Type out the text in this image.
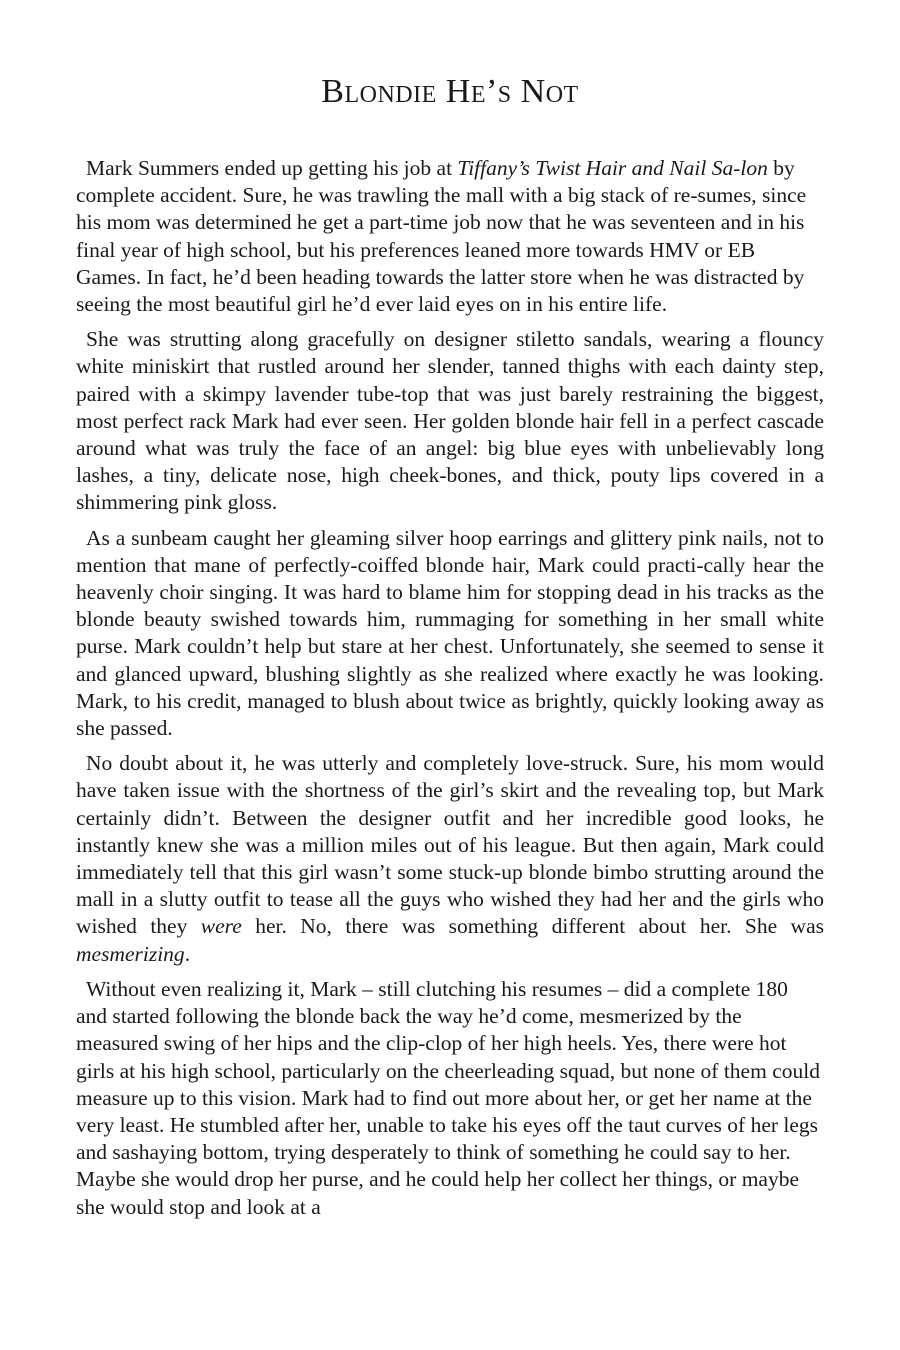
Blondie He’s Not

Mark Summers ended up getting his job at Tiffany’s Twist Hair and Nail Sa-lon by complete accident. Sure, he was trawling the mall with a big stack of re-sumes, since his mom was determined he get a part-time job now that he was seventeen and in his final year of high school, but his preferences leaned more towards HMV or EB Games. In fact, he’d been heading towards the latter store when he was distracted by seeing the most beautiful girl he’d ever laid eyes on in his entire life.

She was strutting along gracefully on designer stiletto sandals, wearing a flouncy white miniskirt that rustled around her slender, tanned thighs with each dainty step, paired with a skimpy lavender tube-top that was just barely restraining the biggest, most perfect rack Mark had ever seen. Her golden blonde hair fell in a perfect cascade around what was truly the face of an angel: big blue eyes with unbelievably long lashes, a tiny, delicate nose, high cheek-bones, and thick, pouty lips covered in a shimmering pink gloss.

As a sunbeam caught her gleaming silver hoop earrings and glittery pink nails, not to mention that mane of perfectly-coiffed blonde hair, Mark could practi-cally hear the heavenly choir singing. It was hard to blame him for stopping dead in his tracks as the blonde beauty swished towards him, rummaging for something in her small white purse. Mark couldn’t help but stare at her chest. Unfortunately, she seemed to sense it and glanced upward, blushing slightly as she realized where exactly he was looking. Mark, to his credit, managed to blush about twice as brightly, quickly looking away as she passed.

No doubt about it, he was utterly and completely love-struck. Sure, his mom would have taken issue with the shortness of the girl’s skirt and the revealing top, but Mark certainly didn’t. Between the designer outfit and her incredible good looks, he instantly knew she was a million miles out of his league. But then again, Mark could immediately tell that this girl wasn’t some stuck-up blonde bimbo strutting around the mall in a slutty outfit to tease all the guys who wished they had her and the girls who wished they were her. No, there was something different about her. She was mesmerizing.

Without even realizing it, Mark – still clutching his resumes – did a complete 180 and started following the blonde back the way he’d come, mesmerized by the measured swing of her hips and the clip-clop of her high heels. Yes, there were hot girls at his high school, particularly on the cheerleading squad, but none of them could measure up to this vision. Mark had to find out more about her, or get her name at the very least. He stumbled after her, unable to take his eyes off the taut curves of her legs and sashaying bottom, trying desperately to think of something he could say to her. Maybe she would drop her purse, and he could help her collect her things, or maybe she would stop and look at a
